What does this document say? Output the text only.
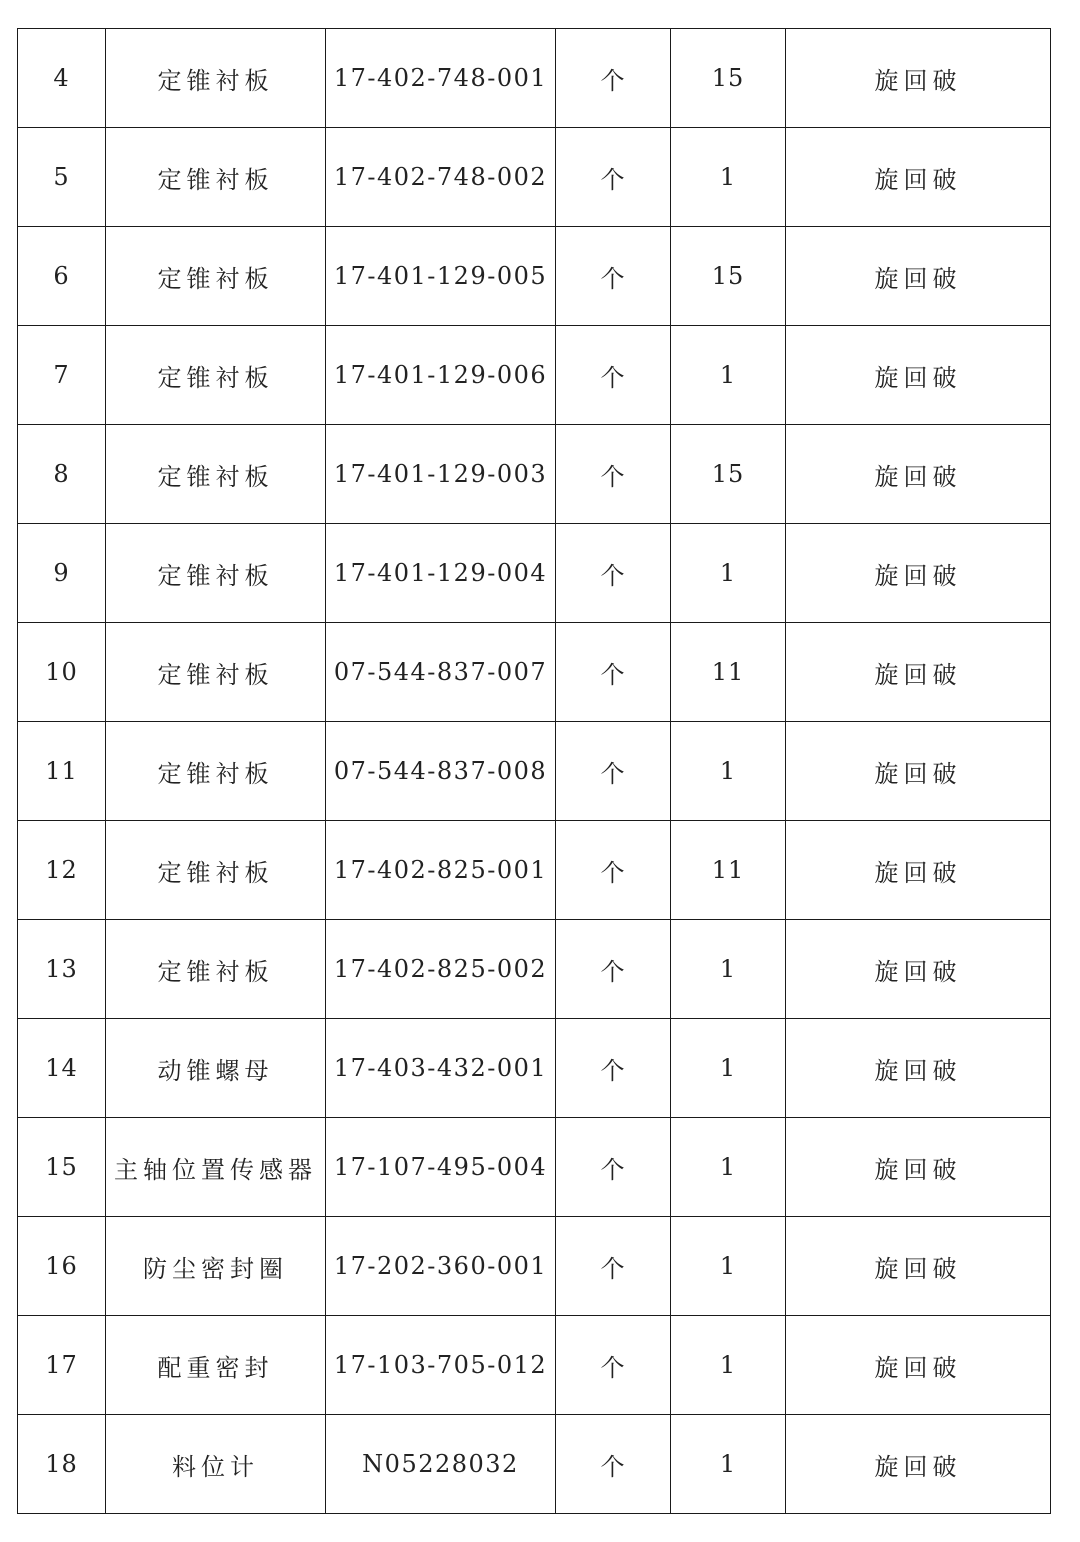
4	定锥衬板	17-402-748-001	个	15	旋回破
5	定锥衬板	17-402-748-002	个	1	旋回破
6	定锥衬板	17-401-129-005	个	15	旋回破
7	定锥衬板	17-401-129-006	个	1	旋回破
8	定锥衬板	17-401-129-003	个	15	旋回破
9	定锥衬板	17-401-129-004	个	1	旋回破
10	定锥衬板	07-544-837-007	个	11	旋回破
11	定锥衬板	07-544-837-008	个	1	旋回破
12	定锥衬板	17-402-825-001	个	11	旋回破
13	定锥衬板	17-402-825-002	个	1	旋回破
14	动锥螺母	17-403-432-001	个	1	旋回破
15	主轴位置传感器	17-107-495-004	个	1	旋回破
16	防尘密封圈	17-202-360-001	个	1	旋回破
17	配重密封	17-103-705-012	个	1	旋回破
18	料位计	N05228032	个	1	旋回破
